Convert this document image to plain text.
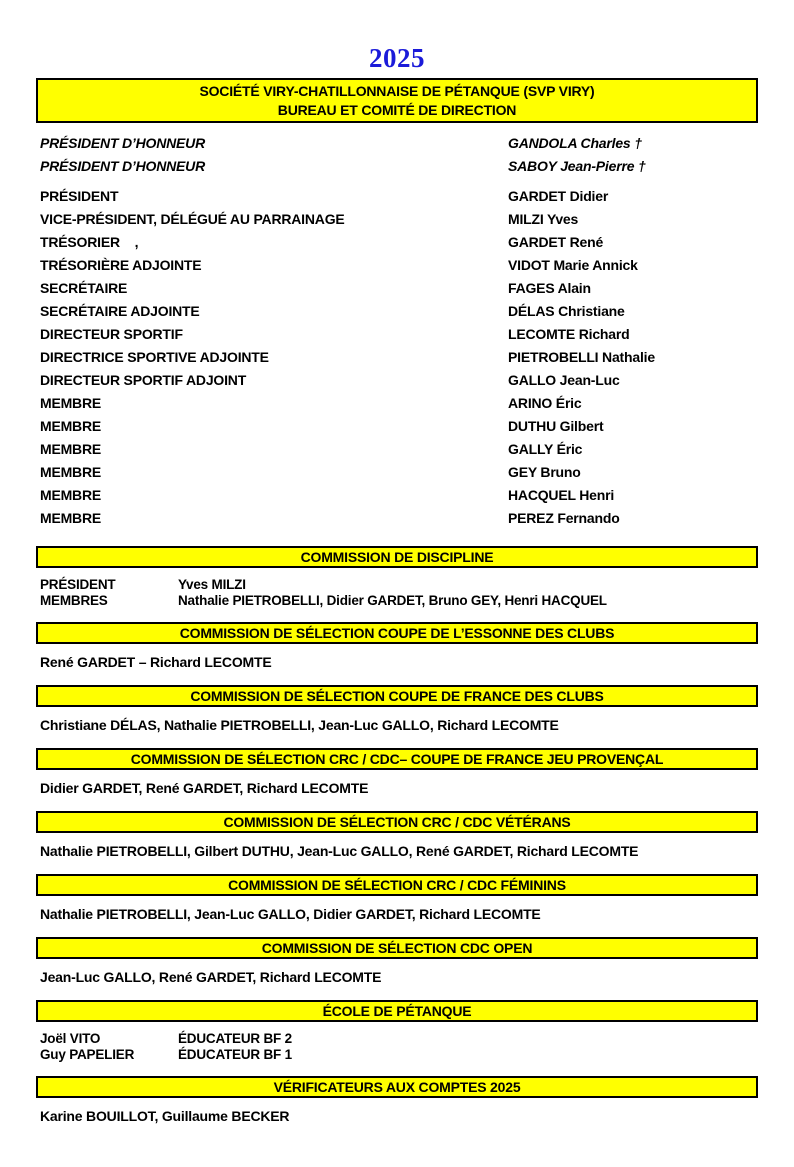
2025
SOCIÉTÉ VIRY-CHATILLONNAISE DE PÉTANQUE (SVP VIRY)
BUREAU ET COMITÉ DE DIRECTION
PRÉSIDENT D’HONNEUR	GANDOLA Charles †
PRÉSIDENT D’HONNEUR	SABOY Jean-Pierre †
PRÉSIDENT	GARDET Didier
VICE-PRÉSIDENT, DÉLÉGUÉ AU PARRAINAGE	MILZI Yves
TRÉSORIER    ,	GARDET René
TRÉSORIÈRE ADJOINTE	VIDOT Marie Annick
SECRÉTAIRE	FAGES Alain
SECRÉTAIRE ADJOINTE	DÉLAS Christiane
DIRECTEUR SPORTIF	LECOMTE Richard
DIRECTRICE SPORTIVE ADJOINTE	PIETROBELLI Nathalie
DIRECTEUR SPORTIF ADJOINT	GALLO Jean-Luc
MEMBRE	ARINO Éric
MEMBRE	DUTHU Gilbert
MEMBRE	GALLY Éric
MEMBRE	GEY Bruno
MEMBRE	HACQUEL Henri
MEMBRE	PEREZ Fernando
COMMISSION DE DISCIPLINE
PRÉSIDENT	Yves MILZI
MEMBRES	Nathalie PIETROBELLI, Didier GARDET, Bruno GEY, Henri HACQUEL
COMMISSION DE SÉLECTION COUPE DE L’ESSONNE DES CLUBS
René GARDET – Richard LECOMTE
COMMISSION DE SÉLECTION COUPE DE FRANCE DES CLUBS
Christiane DÉLAS, Nathalie PIETROBELLI, Jean-Luc GALLO, Richard LECOMTE
COMMISSION DE SÉLECTION CRC / CDC– COUPE DE FRANCE JEU PROVENÇAL
Didier GARDET, René GARDET, Richard LECOMTE
COMMISSION DE SÉLECTION CRC / CDC VÉTÉRANS
Nathalie PIETROBELLI, Gilbert DUTHU, Jean-Luc GALLO, René GARDET, Richard LECOMTE
COMMISSION DE SÉLECTION CRC / CDC FÉMININS
Nathalie PIETROBELLI, Jean-Luc GALLO, Didier GARDET, Richard LECOMTE
COMMISSION DE SÉLECTION CDC OPEN
Jean-Luc GALLO, René GARDET, Richard LECOMTE
ÉCOLE DE PÉTANQUE
Joël VITO	ÉDUCATEUR BF 2
Guy PAPELIER	ÉDUCATEUR BF 1
VÉRIFICATEURS AUX COMPTES 2025
Karine BOUILLOT, Guillaume BECKER
